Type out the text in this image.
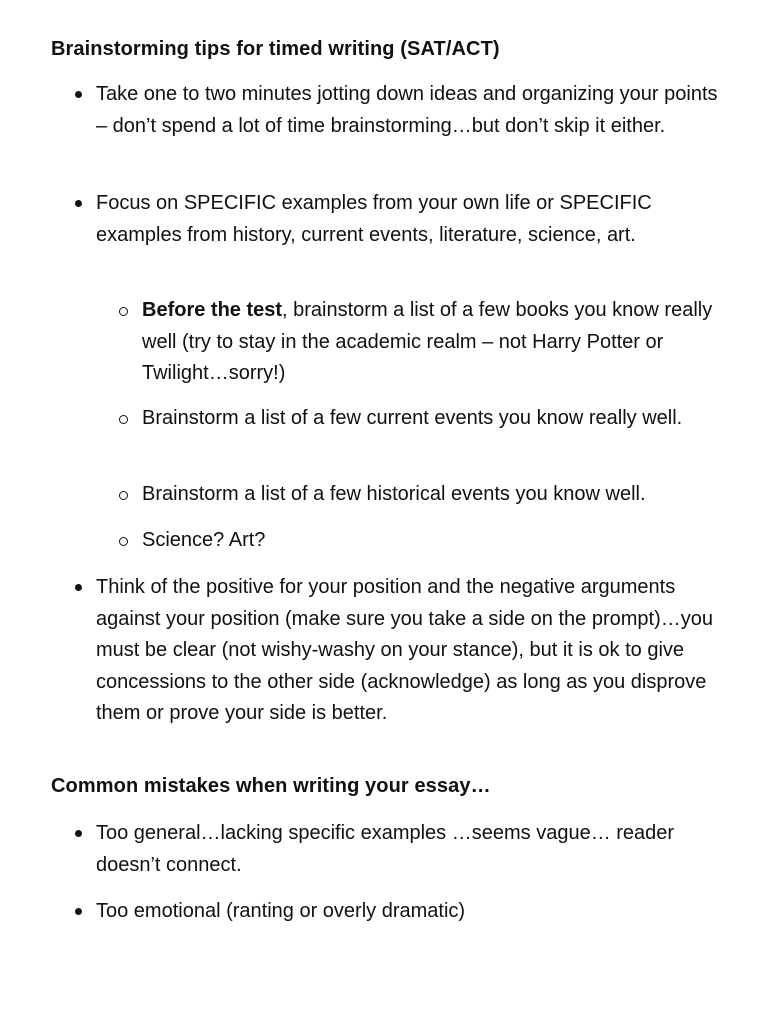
Brainstorming tips for timed writing (SAT/ACT)

Take one to two minutes jotting down ideas and organizing your points – don’t spend a lot of time brainstorming…but don’t skip it either.

Focus on SPECIFIC examples from your own life or SPECIFIC examples from history, current events, literature, science, art.

Before the test, brainstorm a list of a few books you know really well (try to stay in the academic realm – not Harry Potter or Twilight…sorry!)

Brainstorm a list of a few current events you know really well.

Brainstorm a list of a few historical events you know well.

Science? Art?

Think of the positive for your position and the negative arguments against your position (make sure you take a side on the prompt)…you must be clear (not wishy-washy on your stance), but it is ok to give concessions to the other side (acknowledge) as long as you disprove them or prove your side is better.

Common mistakes when writing your essay…

Too general…lacking specific examples …seems vague… reader doesn’t connect.

Too emotional (ranting or overly dramatic)
